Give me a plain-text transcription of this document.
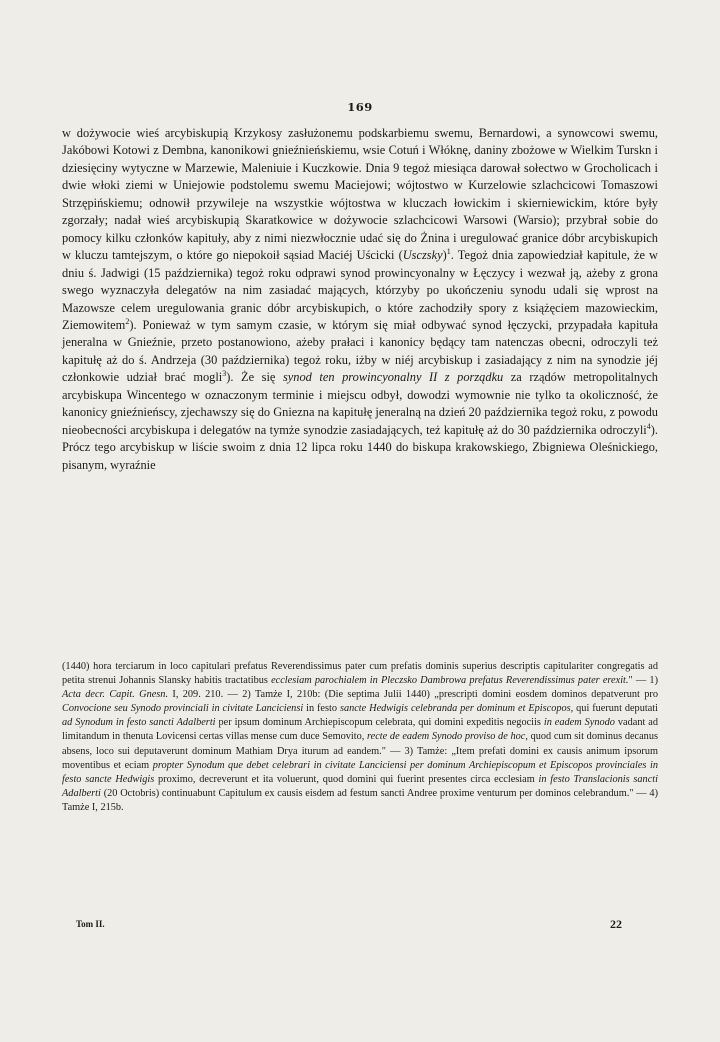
169

w dożywocie wieś arcybiskupią Krzykosy zasłużonemu podskarbiemu swemu, Bernardowi, a synowcowi swemu, Jakóbowi Kotowi z Dembna, kanonikowi gnieźnieńskiemu, wsie Cotuń i Włóknę, daniny zbożowe w Wielkim Turskn i dziesięciny wytyczne w Marzewie, Maleniuie i Kuczkowie. Dnia 9 tegoż miesiąca darował sołectwo w Grocholicach i dwie włoki ziemi w Uniejowie podstolemu swemu Maciejowi; wójtostwo w Kurzelowie szlachcicowi Tomaszowi Strzępińskiemu; odnowił przywileje na wszystkie wójtostwa w kluczach łowickim i skierniewickim, które były zgorzały; nadał wieś arcybiskupią Skaratkowice w dożywocie szlachcicowi Warsowi (Warsio); przybrał sobie do pomocy kilku członków kapituły, aby z nimi niezwłocznie udać się do Żnina i uregulować granice dóbr arcybiskupich w kluczu tamtejszym, o które go niepokoił sąsiad Maciéj Uścicki (Usczsky)$^1$. Tegoż dnia zapowiedział kapitule, że w dniu ś. Jadwigi (15 października) tegoż roku odprawi synod prowincyonalny w Łęczycy i wezwał ją, ażeby z grona swego wyznaczyła delegatów na nim zasiadać mających, którzyby po ukończeniu synodu udali się wprost na Mazowsze celem uregulowania granic dóbr arcybiskupich, o które zachodziły spory z książęciem mazowieckim, Ziemowitem$^2$). Ponieważ w tym samym czasie, w którym się miał odbywać synod łęczycki, przypadała kapituła jeneralna w Gnieźnie, przeto postanowiono, ażeby prałaci i kanonicy będący tam natenczas obecni, odroczyli też kapitułę aż do ś. Andrzeja (30 października) tegoż roku, iżby w niéj arcybiskup i zasiadający z nim na synodzie jéj członkowie udział brać mogli$^3$). Że się synod ten prowincyonalny II z porządku za rządów metropolitalnych arcybiskupa Wincentego w oznaczonym terminie i miejscu odbył, dowodzi wymownie nie tylko ta okoliczność, że kanonicy gnieźnieńscy, zjechawszy się do Gniezna na kapitułę jeneralną na dzień 20 października tegoż roku, z powodu nieobecności arcybiskupa i delegatów na tymże synodzie zasiadających, też kapitułę aż do 30 października odroczyli$^4$). Prócz tego arcybiskup w liście swoim z dnia 12 lipca roku 1440 do biskupa krakowskiego, Zbigniewa Oleśnickiego, pisanym, wyraźnie

(1440) hora terciarum in loco capitulari prefatus Reverendissimus pater cum prefatis dominis superius descriptis capitulariter congregatis ad petita strenui Johannis Slansky habitis tractatibus ecclesiam parochialem in Pleczsko Dambrowa prefatus Reverendissimus pater erexit." — 1) Acta decr. Capit. Gnesn. I, 209. 210. — 2) Tamże I, 210b: (Die septima Julii 1440) „prescripti domini eosdem dominos depatverunt pro Convocione seu Synodo provinciali in civitate Lanciciensi in festo sancte Hedwigis celebranda per dominum et Episcopos, qui fuerunt deputati ad Synodum in festo sancti Adalberti per ipsum dominum Archiepiscopum celebrata, qui domini expeditis negociis in eadem Synodo vadant ad limitandum in thenuta Lovicensi certas villas mense cum duce Semovito, recte de eadem Synodo proviso de hoc, quod cum sit dominus decanus absens, loco sui deputaverunt dominum Mathiam Drya iturum ad eandem." — 3) Tamże: „Item prefati domini ex causis animum ipsorum moventibus et eciam propter Synodum que debet celebrari in civitate Lanciciensi per dominum Archiepiscopum et Episcopos provinciales in festo sancte Hedwigis proximo, decreverunt et ita voluerunt, quod domini qui fuerint presentes circa ecclesiam in festo Translacionis sancti Adalberti (20 Octobris) continuabunt Capitulum ex causis eisdem ad festum sancti Andree proxime venturum per dominos celebrandum." — 4) Tamże I, 215b.

Tom II.	22
